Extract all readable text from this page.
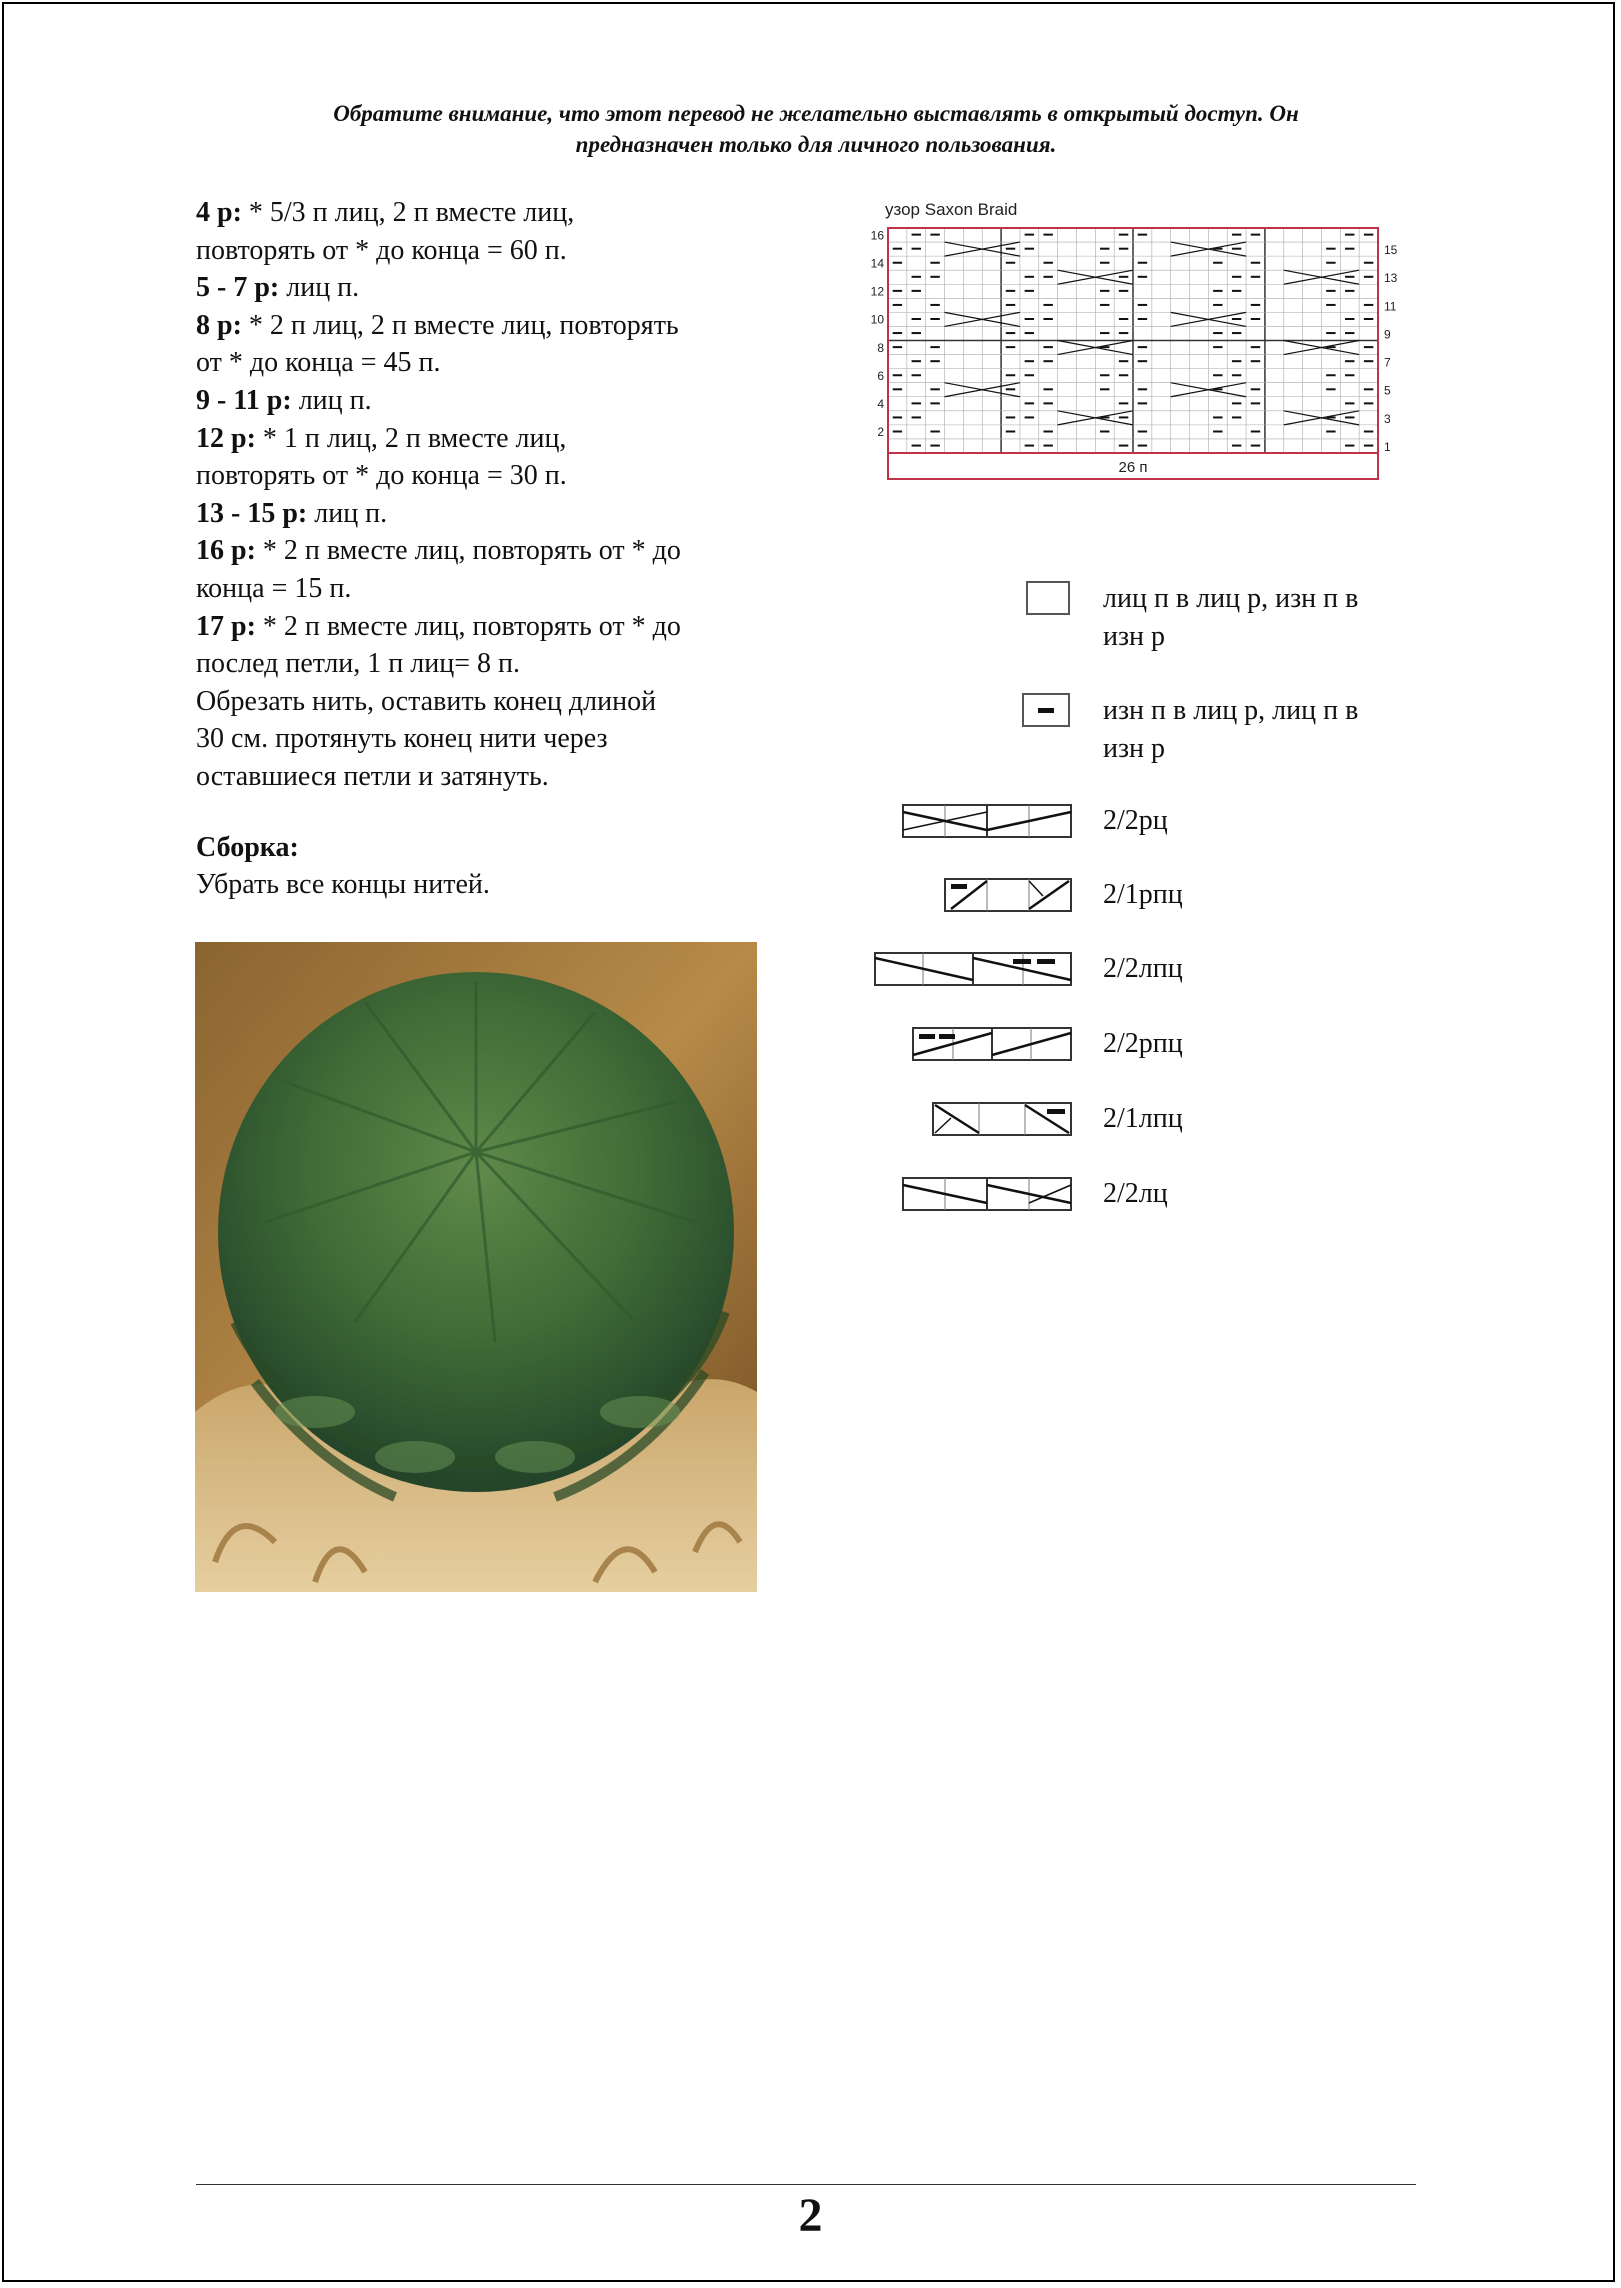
Обратите внимание, что этот перевод не желательно выставлять в открытый доступ. Он
предназначен только для личного пользования.
4 р: * 5/3 п лиц, 2 п вместе лиц,
повторять от * до конца = 60 п.
5 - 7 р: лиц п.
8 р: * 2 п лиц, 2 п вместе лиц, повторять
от * до конца = 45 п.
9 - 11 р: лиц п.
12 р: * 1 п лиц, 2 п вместе лиц,
повторять от * до конца = 30 п.
13 - 15 р: лиц п.
16 р: * 2 п вместе лиц, повторять от * до
конца = 15 п.
17 р: * 2 п вместе лиц, повторять от * до
послед петли, 1 п лиц= 8 п.
Обрезать нить, оставить конец длиной
30 см. протянуть конец нити через
оставшиеся петли и затянуть.
Сборка:
Убрать все концы нитей.
узор Saxon Braid
26 п
16
14
12
10
8
6
4
2
15
13
11
9
7
5
3
1
лиц п в лиц р, изн п в
изн р
изн п в лиц р, лиц п в
изн р
2/2рц
2/1рпц
2/2лпц
2/2рпц
2/1лпц
2/2лц
2
